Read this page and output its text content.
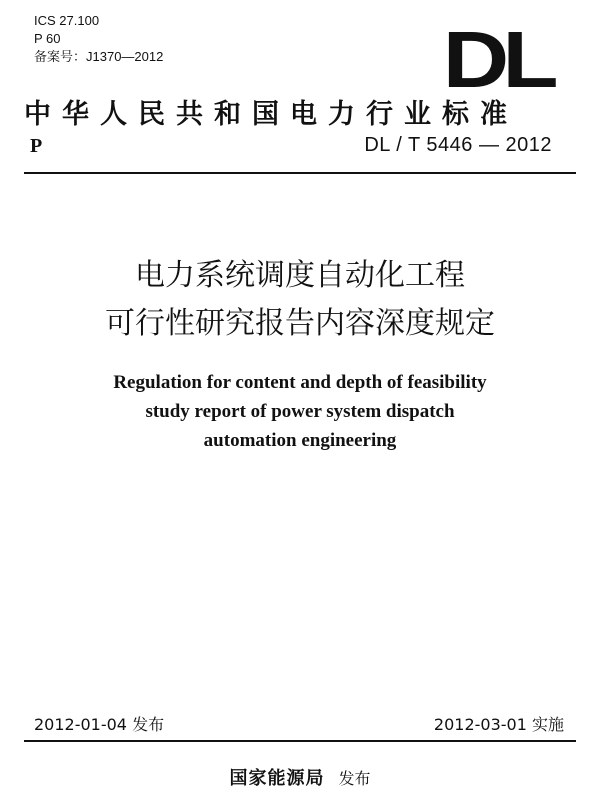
ICS 27.100
P 60
备案号：J1370—2012	DL
中华人民共和国电力行业标准
P	DL / T 5446 — 2012
电力系统调度自动化工程
可行性研究报告内容深度规定
Regulation for content and depth of feasibility
study report of power system dispatch
automation engineering
2012-01-04 发布	2012-03-01 实施
国家能源局 发布
